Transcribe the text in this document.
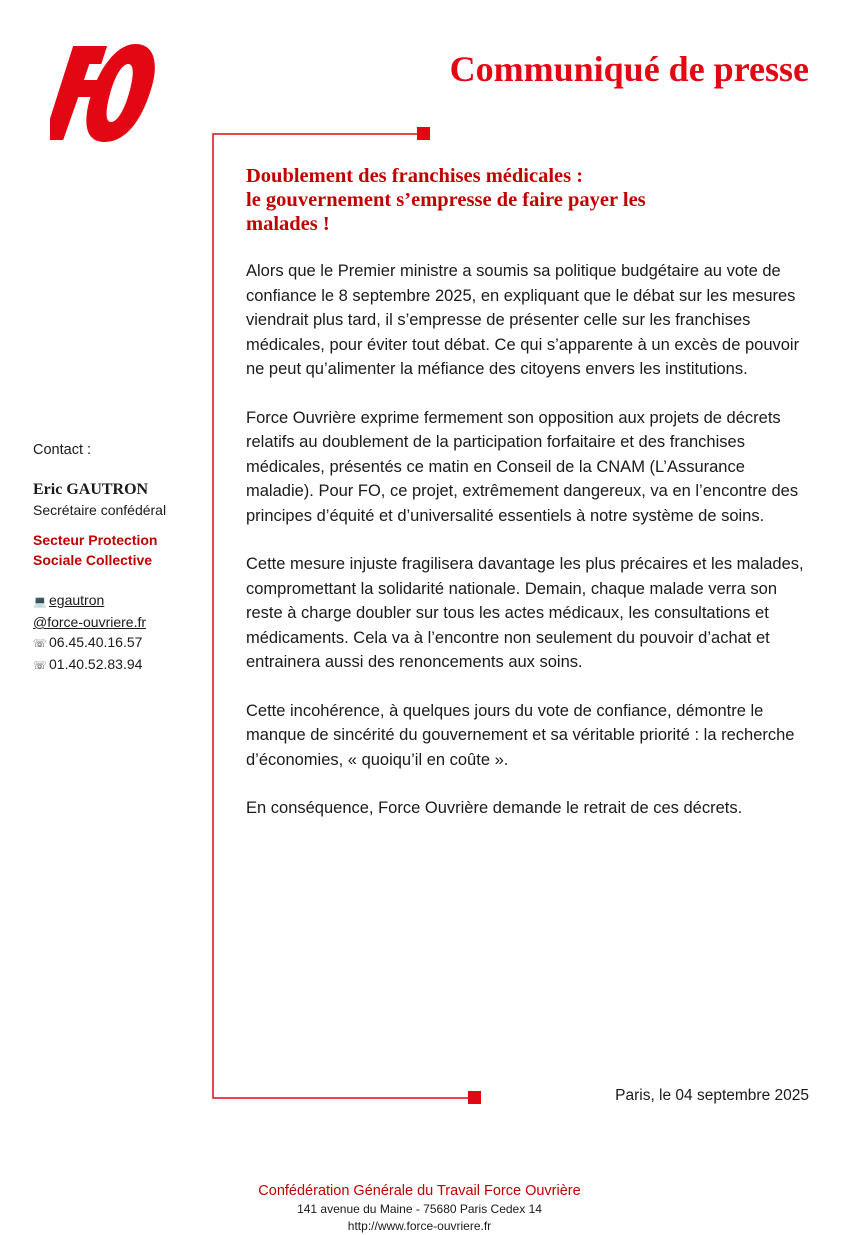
Communiqué de presse
Doublement des franchises médicales :
le gouvernement s’empresse de faire payer les
malades !

Alors que le Premier ministre a soumis sa politique budgétaire au vote de confiance le 8 septembre 2025, en expliquant que le débat sur les mesures viendrait plus tard, il s’empresse de présenter celle sur les franchises médicales, pour éviter tout débat. Ce qui s’apparente à un excès de pouvoir ne peut qu’alimenter la méfiance des citoyens envers les institutions.

Force Ouvrière exprime fermement son opposition aux projets de décrets relatifs au doublement de la participation forfaitaire et des franchises médicales, présentés ce matin en Conseil de la CNAM (L’Assurance maladie). Pour FO, ce projet, extrêmement dangereux, va en l’encontre des principes d’équité et d’universalité essentiels à notre système de soins.

Cette mesure injuste fragilisera davantage les plus précaires et les malades, compromettant la solidarité nationale. Demain, chaque malade verra son reste à charge doubler sur tous les actes médicaux, les consultations et médicaments. Cela va à l’encontre non seulement du pouvoir d’achat et entrainera aussi des renoncements aux soins.

Cette incohérence, à quelques jours du vote de confiance, démontre le manque de sincérité du gouvernement et sa véritable priorité : la recherche d’économies, « quoiqu’il en coûte ».

En conséquence, Force Ouvrière demande le retrait de ces décrets.

Contact :
Eric GAUTRON
Secrétaire confédéral
Secteur Protection
Sociale Collective
💻 egautron
@force-ouvriere.fr
☏ 06.45.40.16.57
☏ 01.40.52.83.94
Paris, le 04 septembre 2025
Confédération Générale du Travail Force Ouvrière
141 avenue du Maine - 75680 Paris Cedex 14
http://www.force-ouvriere.fr
